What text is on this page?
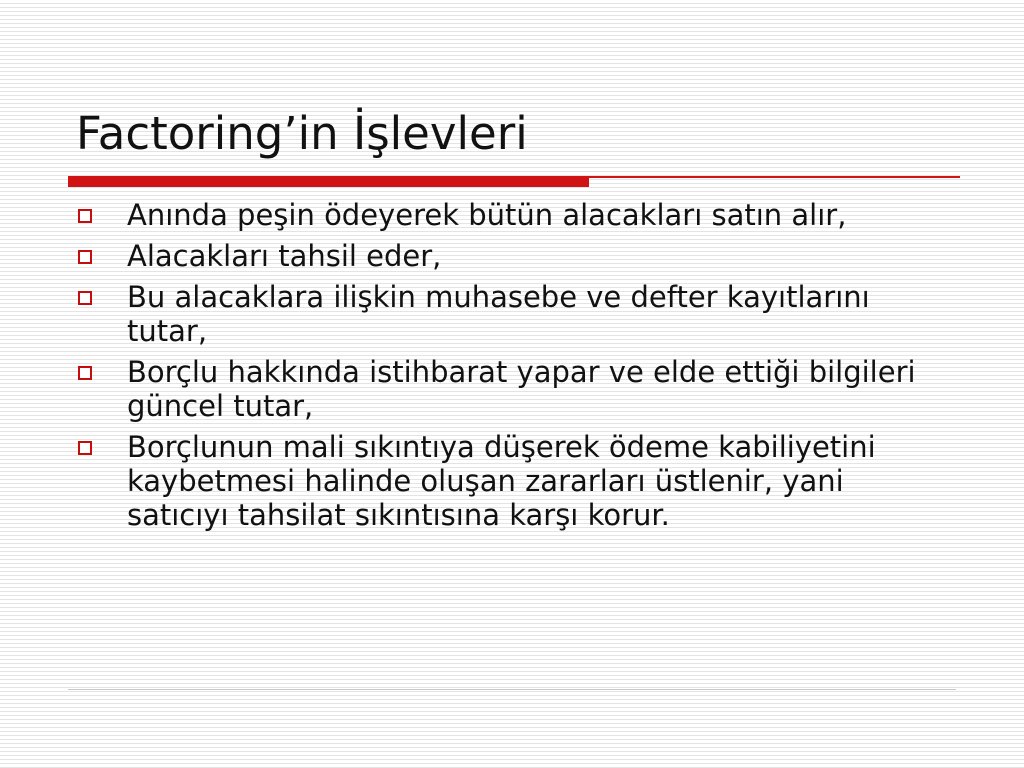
Factoring’in İşlevleri
Anında peşin ödeyerek bütün alacakları satın alır,
Alacakları tahsil eder,
Bu alacaklara ilişkin muhasebe ve defter kayıtlarını tutar,
Borçlu hakkında istihbarat yapar ve elde ettiği bilgileri güncel tutar,
Borçlunun mali sıkıntıya düşerek ödeme kabiliyetini kaybetmesi halinde oluşan zararları üstlenir, yani satıcıyı tahsilat sıkıntısına karşı korur.
